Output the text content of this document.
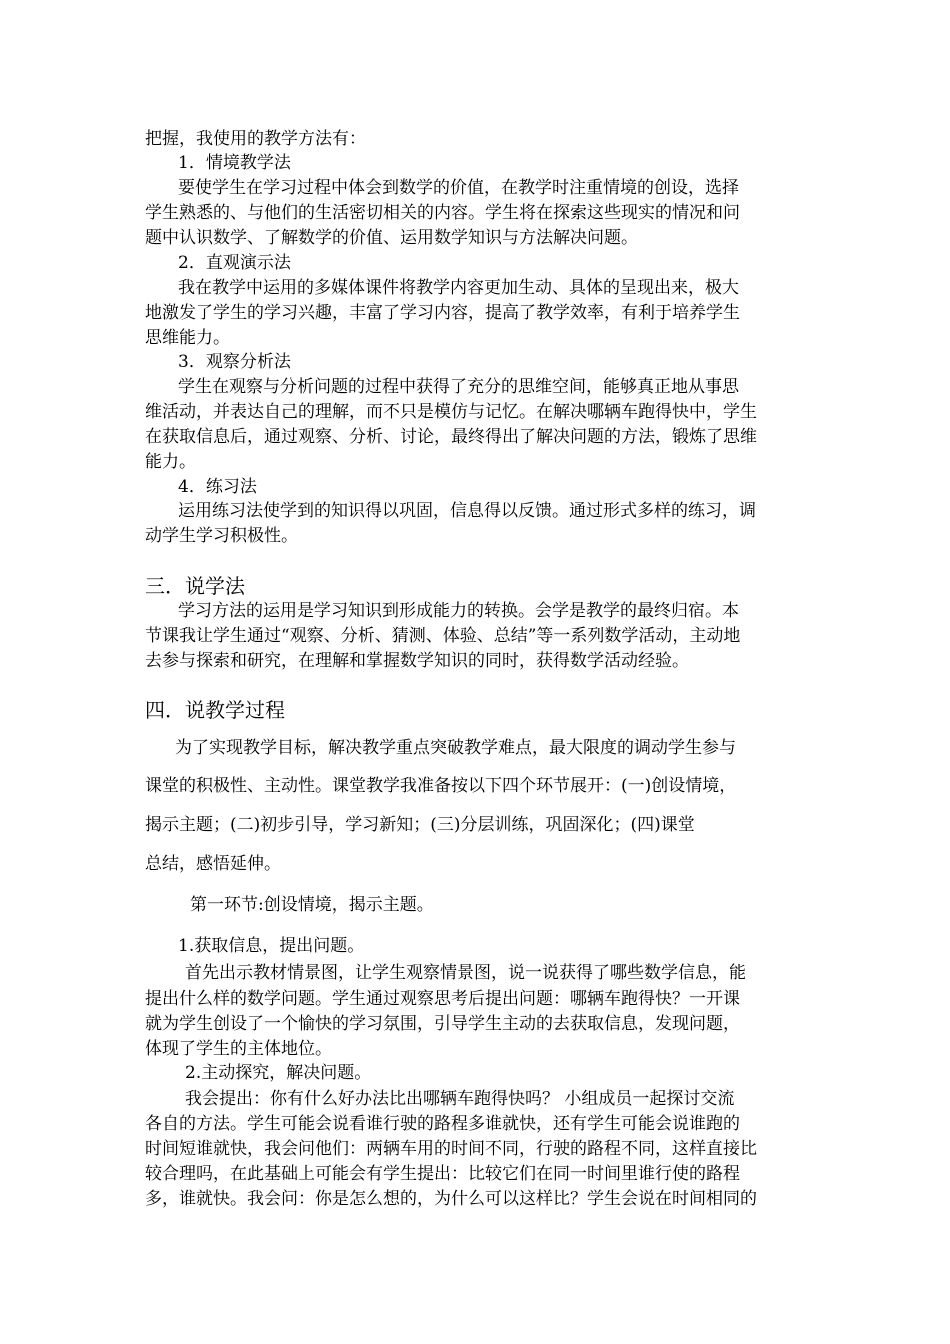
把握，我使用的教学方法有：
1．情境教学法
要使学生在学习过程中体会到数学的价值，在教学时注重情境的创设，选择
学生熟悉的、与他们的生活密切相关的内容。学生将在探索这些现实的情况和问
题中认识数学、了解数学的价值、运用数学知识与方法解决问题。
2．直观演示法
我在教学中运用的多媒体课件将教学内容更加生动、具体的呈现出来，极大
地激发了学生的学习兴趣，丰富了学习内容，提高了教学效率，有利于培养学生
思维能力。
3．观察分析法
学生在观察与分析问题的过程中获得了充分的思维空间，能够真正地从事思
维活动，并表达自己的理解，而不只是模仿与记忆。在解决哪辆车跑得快中，学生
在获取信息后，通过观察、分析、讨论，最终得出了解决问题的方法，锻炼了思维
能力。
4．练习法
运用练习法使学到的知识得以巩固，信息得以反馈。通过形式多样的练习，调
动学生学习积极性。
三．说学法
学习方法的运用是学习知识到形成能力的转换。会学是教学的最终归宿。本
节课我让学生通过“观察、分析、猜测、体验、总结”等一系列数学活动，主动地
去参与探索和研究，在理解和掌握数学知识的同时，获得数学活动经验。
四．说教学过程
为了实现教学目标，解决教学重点突破教学难点，最大限度的调动学生参与
课堂的积极性、主动性。课堂教学我准备按以下四个环节展开：(一)创设情境，
揭示主题；(二)初步引导，学习新知；(三)分层训练，巩固深化；(四)课堂
总结，感悟延伸。
第一环节:创设情境，揭示主题。
1.获取信息，提出问题。
首先出示教材情景图，让学生观察情景图，说一说获得了哪些数学信息，能
提出什么样的数学问题。学生通过观察思考后提出问题：哪辆车跑得快？一开课
就为学生创设了一个愉快的学习氛围，引导学生主动的去获取信息，发现问题，
体现了学生的主体地位。
2.主动探究，解决问题。
我会提出：你有什么好办法比出哪辆车跑得快吗？ 小组成员一起探讨交流
各自的方法。学生可能会说看谁行驶的路程多谁就快，还有学生可能会说谁跑的
时间短谁就快，我会问他们：两辆车用的时间不同，行驶的路程不同，这样直接比
较合理吗，在此基础上可能会有学生提出：比较它们在同一时间里谁行使的路程
多，谁就快。我会问：你是怎么想的，为什么可以这样比？学生会说在时间相同的
